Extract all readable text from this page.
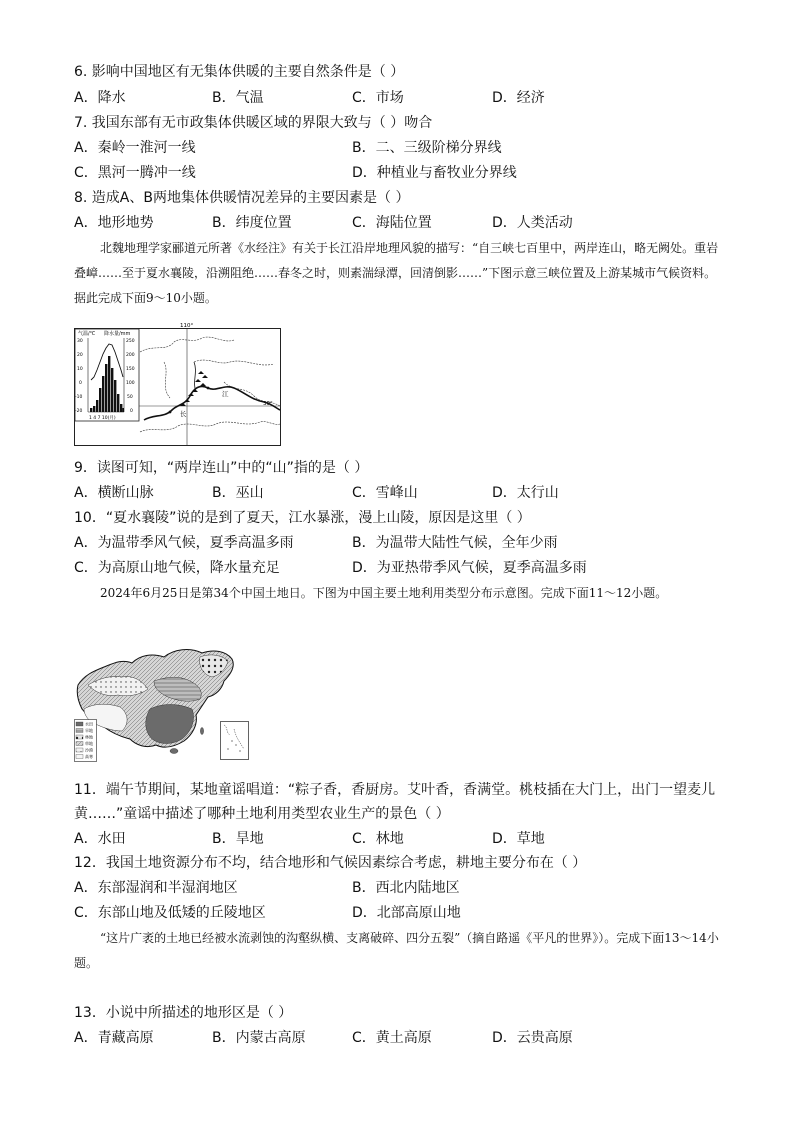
6. 影响中国地区有无集体供暖的主要自然条件是（ ）
A．降水	B．气温	C．市场	D．经济
7. 我国东部有无市政集体供暖区域的界限大致与（ ）吻合
A．秦岭一淮河一线	B．二、三级阶梯分界线
C．黑河一腾冲一线	D．种植业与畜牧业分界线
8. 造成A、B两地集体供暖情况差异的主要因素是（ ）
A．地形地势	B．纬度位置	C．海陆位置	D．人类活动
北魏地理学家郦道元所著《水经注》有关于长江沿岸地理风貌的描写：“自三峡七百里中，两岸连山，略无阙处。重岩叠嶂……至于夏水襄陵，沿溯阻绝……春冬之时，则素湍绿潭，回清倒影……”下图示意三峡位置及上游某城市气候资料。据此完成下面9～10小题。
气温/℃ 降水量/mm
30
20
10
0
-10
-20
250
200
150
100
50
0
1 4 7 10(月)
110°
30°
长
江
9．读图可知，“两岸连山”中的“山”指的是（ ）
A．横断山脉	B．巫山	C．雪峰山	D．太行山
10．“夏水襄陵”说的是到了夏天，江水暴涨，漫上山陵，原因是这里（ ）
A．为温带季风气候，夏季高温多雨	B．为温带大陆性气候，全年少雨
C．为高原山地气候，降水量充足	D．为亚热带季风气候，夏季高温多雨
2024年6月25日是第34个中国土地日。下图为中国主要土地利用类型分布示意图。完成下面11～12小题。
水田
旱地
林地
草地
沙漠
高寒
11．端午节期间，某地童谣唱道：“粽子香，香厨房。艾叶香，香满堂。桃枝插在大门上，出门一望麦儿
黄……”童谣中描述了哪种土地利用类型农业生产的景色（ ）
A．水田	B．旱地	C．林地	D．草地
12．我国土地资源分布不均，结合地形和气候因素综合考虑，耕地主要分布在（ ）
A．东部湿润和半湿润地区	B．西北内陆地区
C．东部山地及低矮的丘陵地区	D．北部高原山地
“这片广袤的土地已经被水流剥蚀的沟壑纵横、支离破碎、四分五裂”（摘自路遥《平凡的世界》）。完成下面13～14小题。
13．小说中所描述的地形区是（ ）
A．青藏高原	B．内蒙古高原	C．黄土高原	D．云贵高原
